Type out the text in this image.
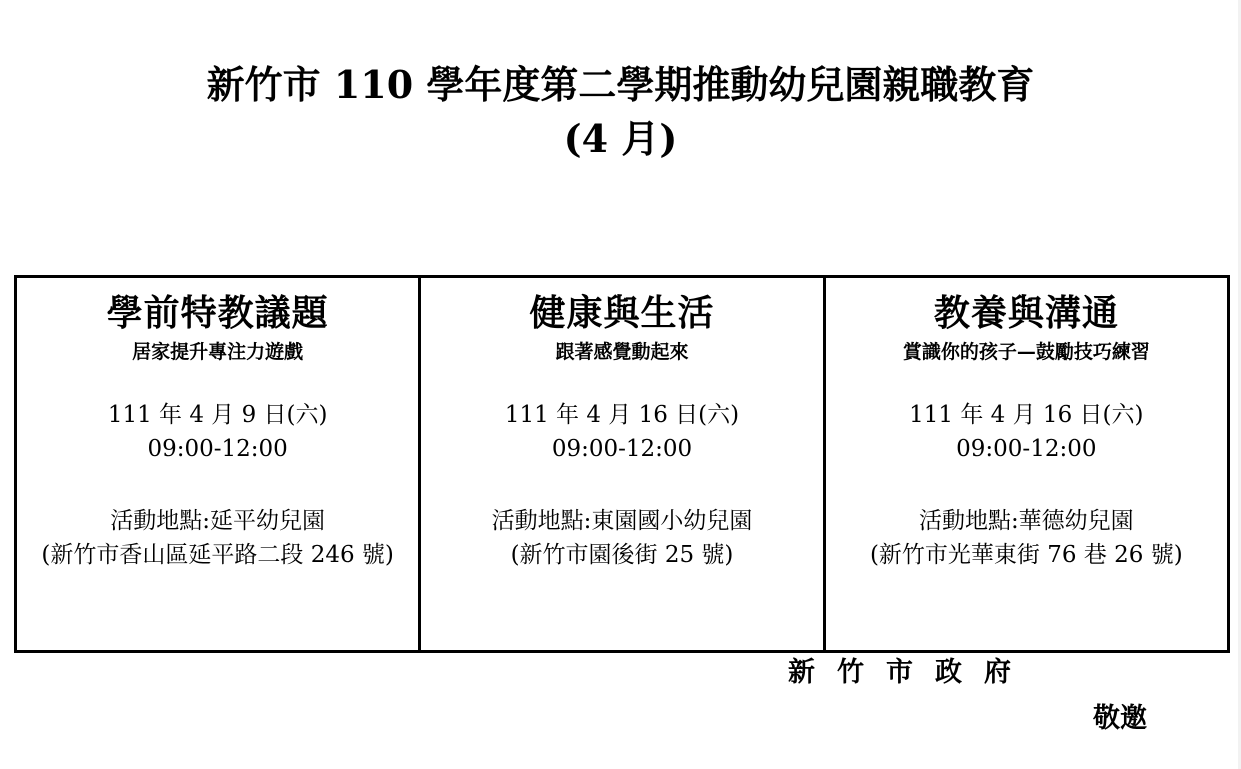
新竹市 110 學年度第二學期推動幼兒園親職教育
(4 月)
學前特教議題
居家提升專注力遊戲
111 年 4 月 9 日(六)
09:00-12:00
活動地點:延平幼兒園
(新竹市香山區延平路二段 246 號)
健康與生活
跟著感覺動起來
111 年 4 月 16 日(六)
09:00-12:00
活動地點:東園國小幼兒園
(新竹市園後街 25 號)
教養與溝通
賞識你的孩子—鼓勵技巧練習
111 年 4 月 16 日(六)
09:00-12:00
活動地點:華德幼兒園
(新竹市光華東街 76 巷 26 號)
新竹市政府
敬邀
